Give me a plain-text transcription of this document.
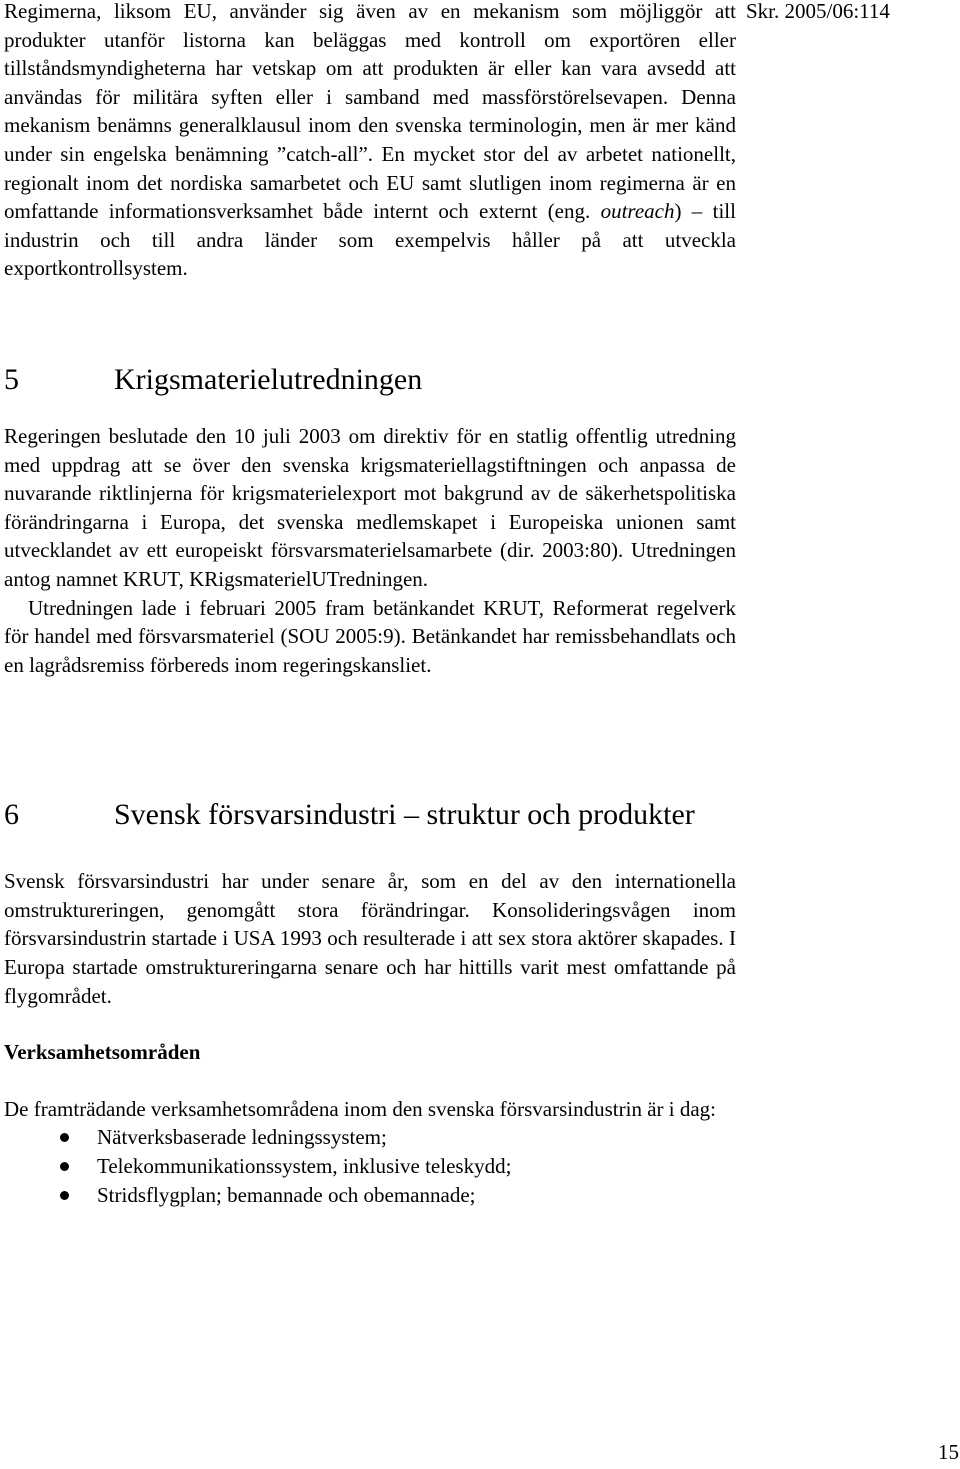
Skr. 2005/06:114

Regimerna, liksom EU, använder sig även av en mekanism som möjliggör att produkter utanför listorna kan beläggas med kontroll om exportören eller tillståndsmyndigheterna har vetskap om att produkten är eller kan vara avsedd att användas för militära syften eller i samband med massförstörelsevapen. Denna mekanism benämns generalklausul inom den svenska terminologin, men är mer känd under sin engelska benämning ”catch-all”. En mycket stor del av arbetet nationellt, regionalt inom det nordiska samarbetet och EU samt slutligen inom regimerna är en omfattande informationsverksamhet både internt och externt (eng. outreach) – till industrin och till andra länder som exempelvis håller på att utveckla exportkontrollsystem.

5	Krigsmaterielutredningen

Regeringen beslutade den 10 juli 2003 om direktiv för en statlig offentlig utredning med uppdrag att se över den svenska krigsmateriellagstiftningen och anpassa de nuvarande riktlinjerna för krigsmaterielexport mot bakgrund av de säkerhetspolitiska förändringarna i Europa, det svenska medlemskapet i Europeiska unionen samt utvecklandet av ett europeiskt försvarsmaterielsamarbete (dir. 2003:80). Utredningen antog namnet KRUT, KRigsmaterielUTredningen.

Utredningen lade i februari 2005 fram betänkandet KRUT, Reformerat regelverk för handel med försvarsmateriel (SOU 2005:9). Betänkandet har remissbehandlats och en lagrådsremiss förbereds inom regeringskansliet.

6	Svensk försvarsindustri – struktur och produkter

Svensk försvarsindustri har under senare år, som en del av den internationella omstruktureringen, genomgått stora förändringar. Konsolideringsvågen inom försvarsindustrin startade i USA 1993 och resulterade i att sex stora aktörer skapades. I Europa startade omstruktureringarna senare och har hittills varit mest omfattande på flygområdet.

Verksamhetsområden

De framträdande verksamhetsområdena inom den svenska försvarsindustrin är i dag:

Nätverksbaserade ledningssystem;
Telekommunikationssystem, inklusive teleskydd;
Stridsflygplan; bemannade och obemannade;
15
